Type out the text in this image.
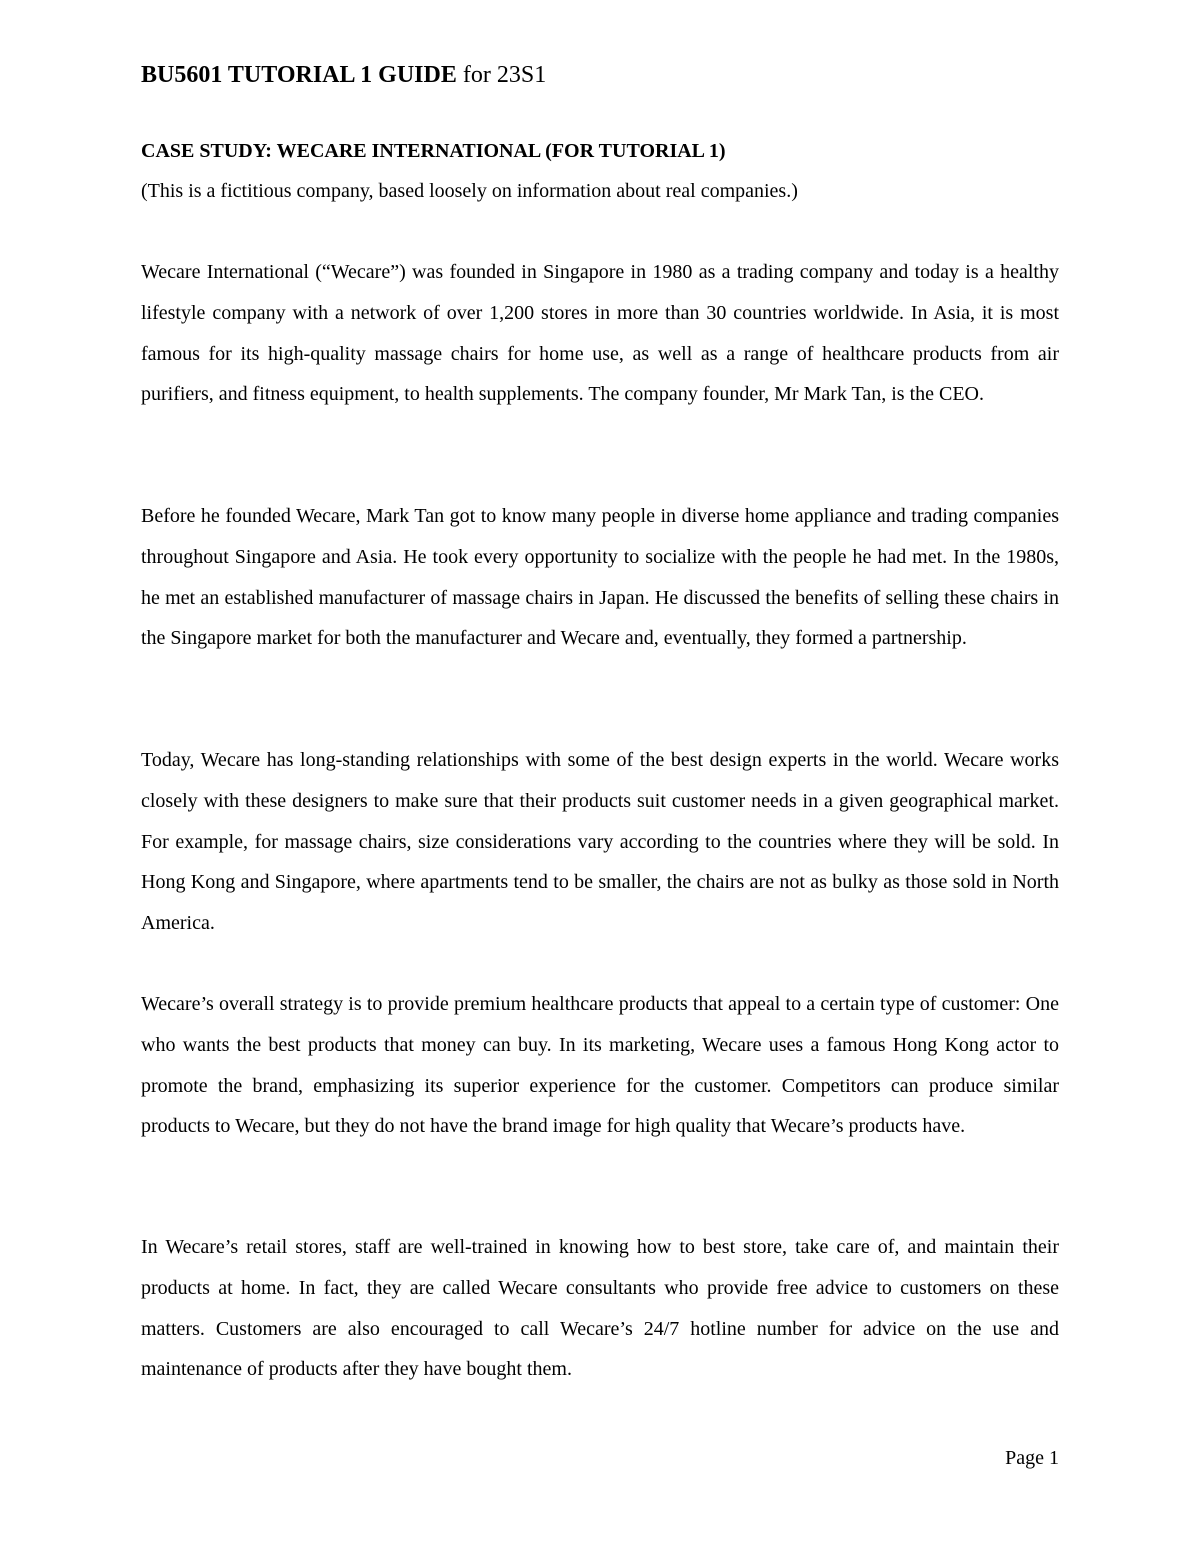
BU5601 TUTORIAL 1 GUIDE for 23S1
CASE STUDY: WECARE INTERNATIONAL (FOR TUTORIAL 1)
(This is a fictitious company, based loosely on information about real companies.)

Wecare International (“Wecare”) was founded in Singapore in 1980 as a trading company and today is a healthy lifestyle company with a network of over 1,200 stores in more than 30 countries worldwide. In Asia, it is most famous for its high-quality massage chairs for home use, as well as a range of healthcare products from air purifiers, and fitness equipment, to health supplements. The company founder, Mr Mark Tan, is the CEO.

Before he founded Wecare, Mark Tan got to know many people in diverse home appliance and trading companies throughout Singapore and Asia. He took every opportunity to socialize with the people he had met. In the 1980s, he met an established manufacturer of massage chairs in Japan. He discussed the benefits of selling these chairs in the Singapore market for both the manufacturer and Wecare and, eventually, they formed a partnership.

Today, Wecare has long-standing relationships with some of the best design experts in the world. Wecare works closely with these designers to make sure that their products suit customer needs in a given geographical market. For example, for massage chairs, size considerations vary according to the countries where they will be sold. In Hong Kong and Singapore, where apartments tend to be smaller, the chairs are not as bulky as those sold in North America.

Wecare’s overall strategy is to provide premium healthcare products that appeal to a certain type of customer: One who wants the best products that money can buy. In its marketing, Wecare uses a famous Hong Kong actor to promote the brand, emphasizing its superior experience for the customer. Competitors can produce similar products to Wecare, but they do not have the brand image for high quality that Wecare’s products have.

In Wecare’s retail stores, staff are well-trained in knowing how to best store, take care of, and maintain their products at home. In fact, they are called Wecare consultants who provide free advice to customers on these matters. Customers are also encouraged to call Wecare’s 24/7 hotline number for advice on the use and maintenance of products after they have bought them.

Page 1
